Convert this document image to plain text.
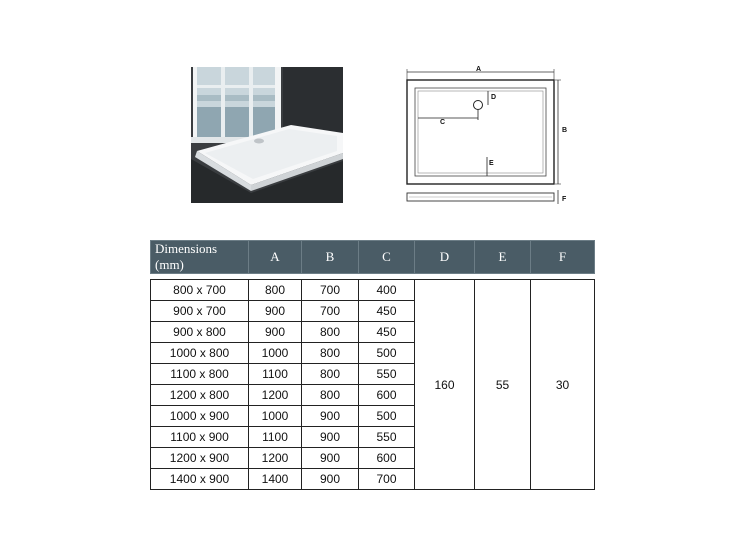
A
B
D
C
E
F
Dimensions (mm)	A	B	C	D	E	F

800 x 700	800	700	400	160	55	30
900 x 700	900	700	450			
900 x 800	900	800	450			
1000 x 800	1000	800	500			
1100 x 800	1100	800	550			
1200 x 800	1200	800	600			
1000 x 900	1000	900	500			
1100 x 900	1100	900	550			
1200 x 900	1200	900	600			
1400 x 900	1400	900	700			
